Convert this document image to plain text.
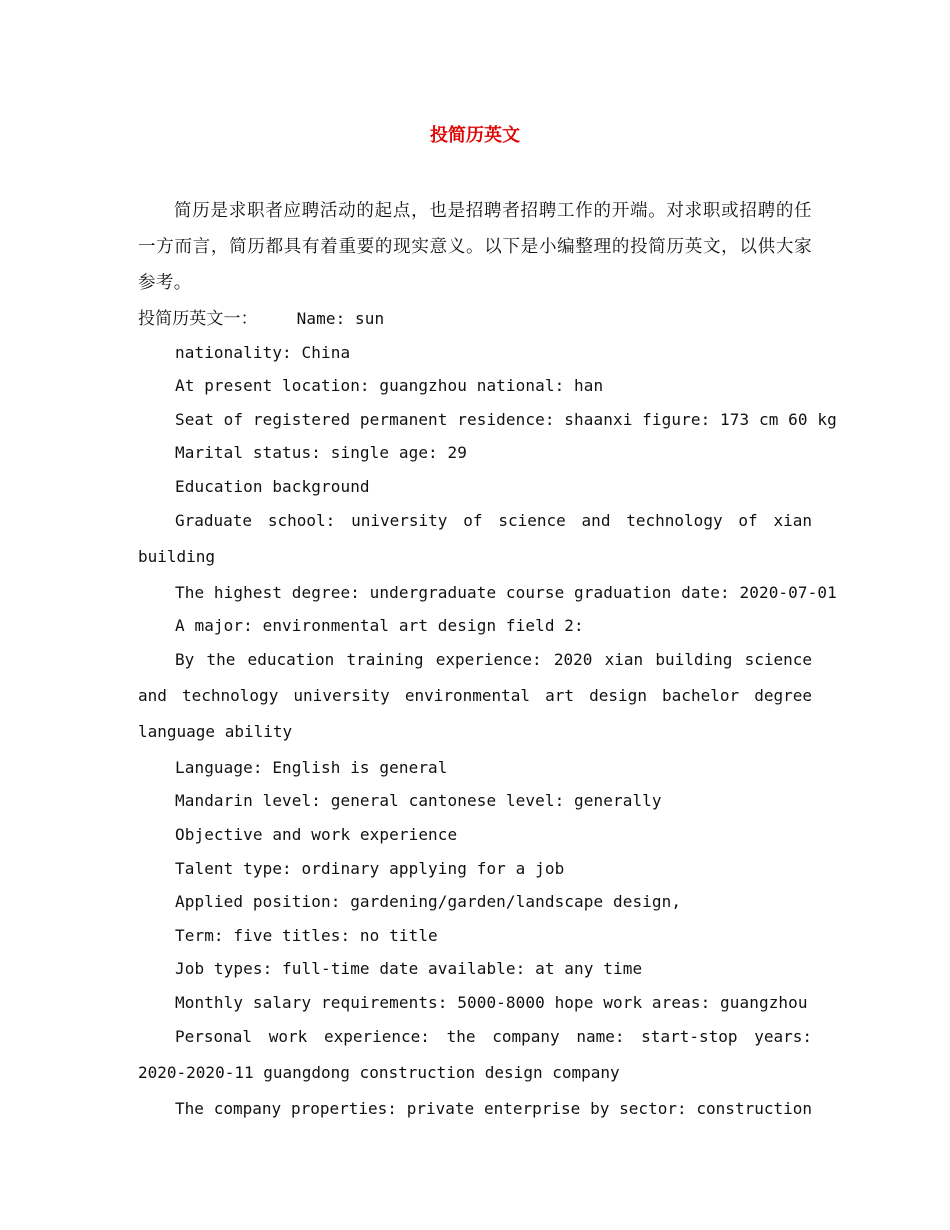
投简历英文

简历是求职者应聘活动的起点，也是招聘者招聘工作的开端。对求职或招聘的任一方而言，简历都具有着重要的现实意义。以下是小编整理的投简历英文，以供大家参考。

投简历英文一：    Name: sun
nationality: China
At present location: guangzhou national: han
Seat of registered permanent residence: shaanxi figure: 173 cm 60 kg
Marital status: single age: 29
Education background

Graduate school: university of science and technology of xian building

The highest degree: undergraduate course graduation date: 2020-07-01
A major: environmental art design field 2:

By the education training experience: 2020 xian building science and technology university environmental art design bachelor degree language ability

Language: English is general
Mandarin level: general cantonese level: generally
Objective and work experience
Talent type: ordinary applying for a job
Applied position: gardening/garden/landscape design,
Term: five titles: no title
Job types: full-time date available: at any time
Monthly salary requirements: 5000-8000 hope work areas: guangzhou

Personal work experience: the company name: start-stop years: 2020-2020-11 guangdong construction design company

The company properties: private enterprise by sector: construction
